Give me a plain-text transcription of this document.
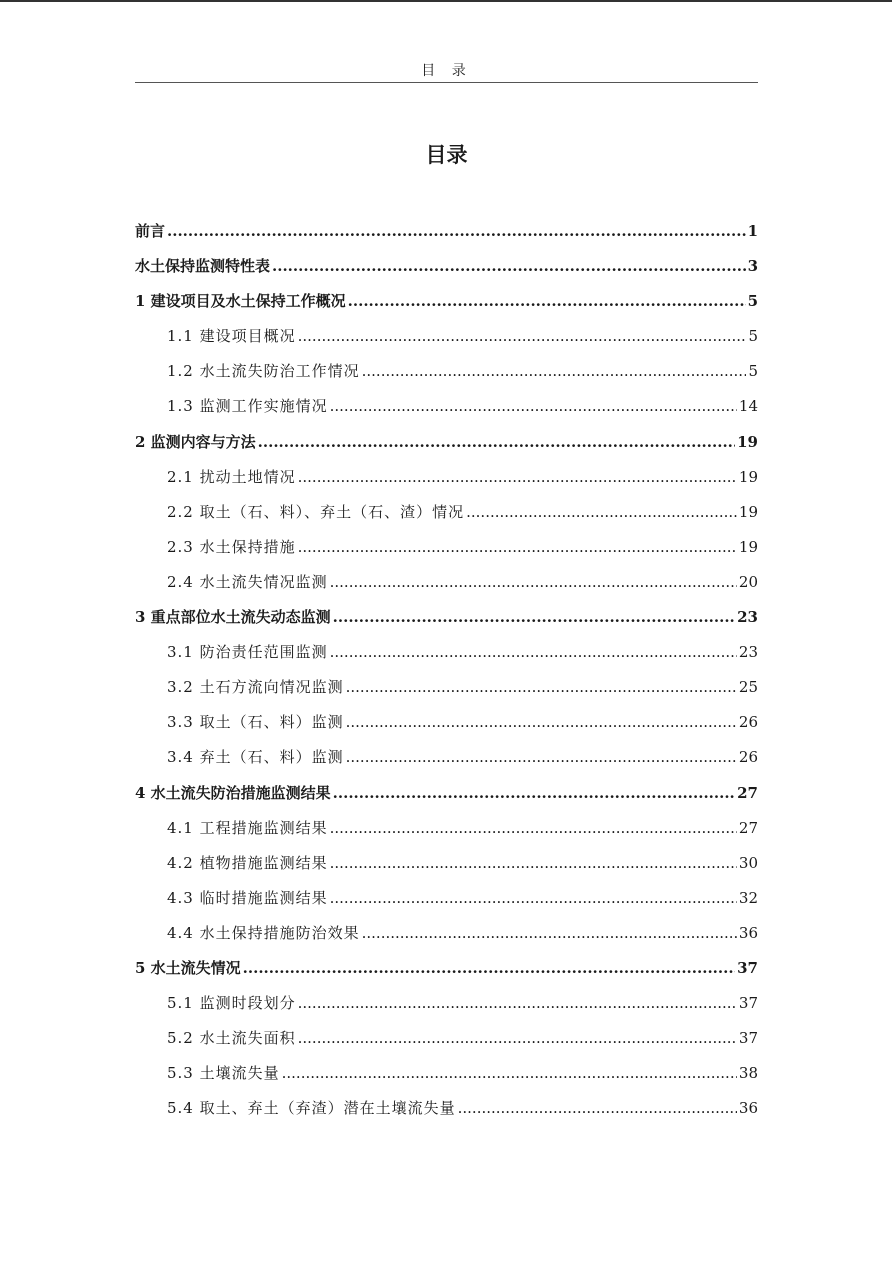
目 录
目录
前言 .....	1
水土保持监测特性表 .....	3
1 建设项目及水土保持工作概况 .....	5
1.1 建设项目概况 .....	5
1.2 水土流失防治工作情况 .....	5
1.3 监测工作实施情况 .....	14
2 监测内容与方法 .....	19
2.1 扰动土地情况 .....	19
2.2 取土（石、料）、弃土（石、渣）情况 .....	19
2.3 水土保持措施 .....	19
2.4 水土流失情况监测 .....	20
3 重点部位水土流失动态监测 .....	23
3.1 防治责任范围监测 .....	23
3.2 土石方流向情况监测 .....	25
3.3 取土（石、料）监测 .....	26
3.4 弃土（石、料）监测 .....	26
4 水土流失防治措施监测结果 .....	27
4.1 工程措施监测结果 .....	27
4.2 植物措施监测结果 .....	30
4.3 临时措施监测结果 .....	32
4.4 水土保持措施防治效果 .....	36
5 水土流失情况 .....	37
5.1 监测时段划分 .....	37
5.2 水土流失面积 .....	37
5.3 土壤流失量 .....	38
5.4 取土、弃土（弃渣）潜在土壤流失量 .....	36
